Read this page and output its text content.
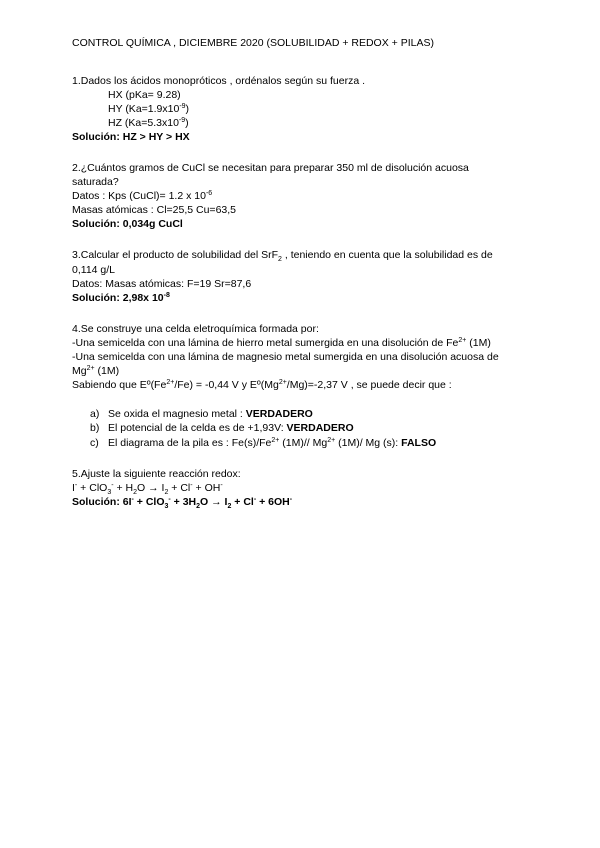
CONTROL QUÍMICA , DICIEMBRE 2020 (SOLUBILIDAD + REDOX + PILAS)
1.Dados los ácidos monopróticos , ordénalos según su fuerza .
HX (pKa= 9.28)
HY $(Ka=1.9x10^{-9})$
HZ $(Ka=5.3x10^{-9})$
Solución: HZ > HY > HX
2.¿Cuántos gramos de CuCl se necesitan para preparar 350 ml de disolución acuosa
saturada?
Datos : Kps (CuCl)= 1.2 x $10^{-6}$
Masas atómicas : Cl=25,5 Cu=63,5
Solución: 0,034g CuCl
3.Calcular el producto de solubilidad del SrF$_2$ , teniendo en cuenta que la solubilidad es de
0,114 g/L
Datos: Masas atómicas: F=19 Sr=87,6
Solución: 2,98x $10^{-8}$
4.Se construye una celda eletroquímica formada por:
-Una semicelda con una lámina de hierro metal sumergida en una disolución de $Fe^{2+}$ (1M)
-Una semicelda con una lámina de magnesio metal sumergida en una disolución acuosa de
$Mg^{2+}$ (1M)
Sabiendo que $Eº(Fe^{2+}/Fe) = -0,44$ V y $Eº(Mg^{2+}/Mg)=-2,37$ V , se puede decir que :
a) Se oxida el magnesio metal : VERDADERO
b) El potencial de la celda es de +1,93V: VERDADERO
c) El diagrama de la pila es : $Fe(s)/Fe^{2+}$ (1M)// $Mg^{2+}$ (1M)/ Mg (s): FALSO
5.Ajuste la siguiente reacción redox:
$I^- + ClO_3^- + H_2O \to I_2 + Cl^- + OH^-$
Solución: $6I^- + ClO_3^- + 3H_2O \to I_2 + Cl^- + 6OH^-$
